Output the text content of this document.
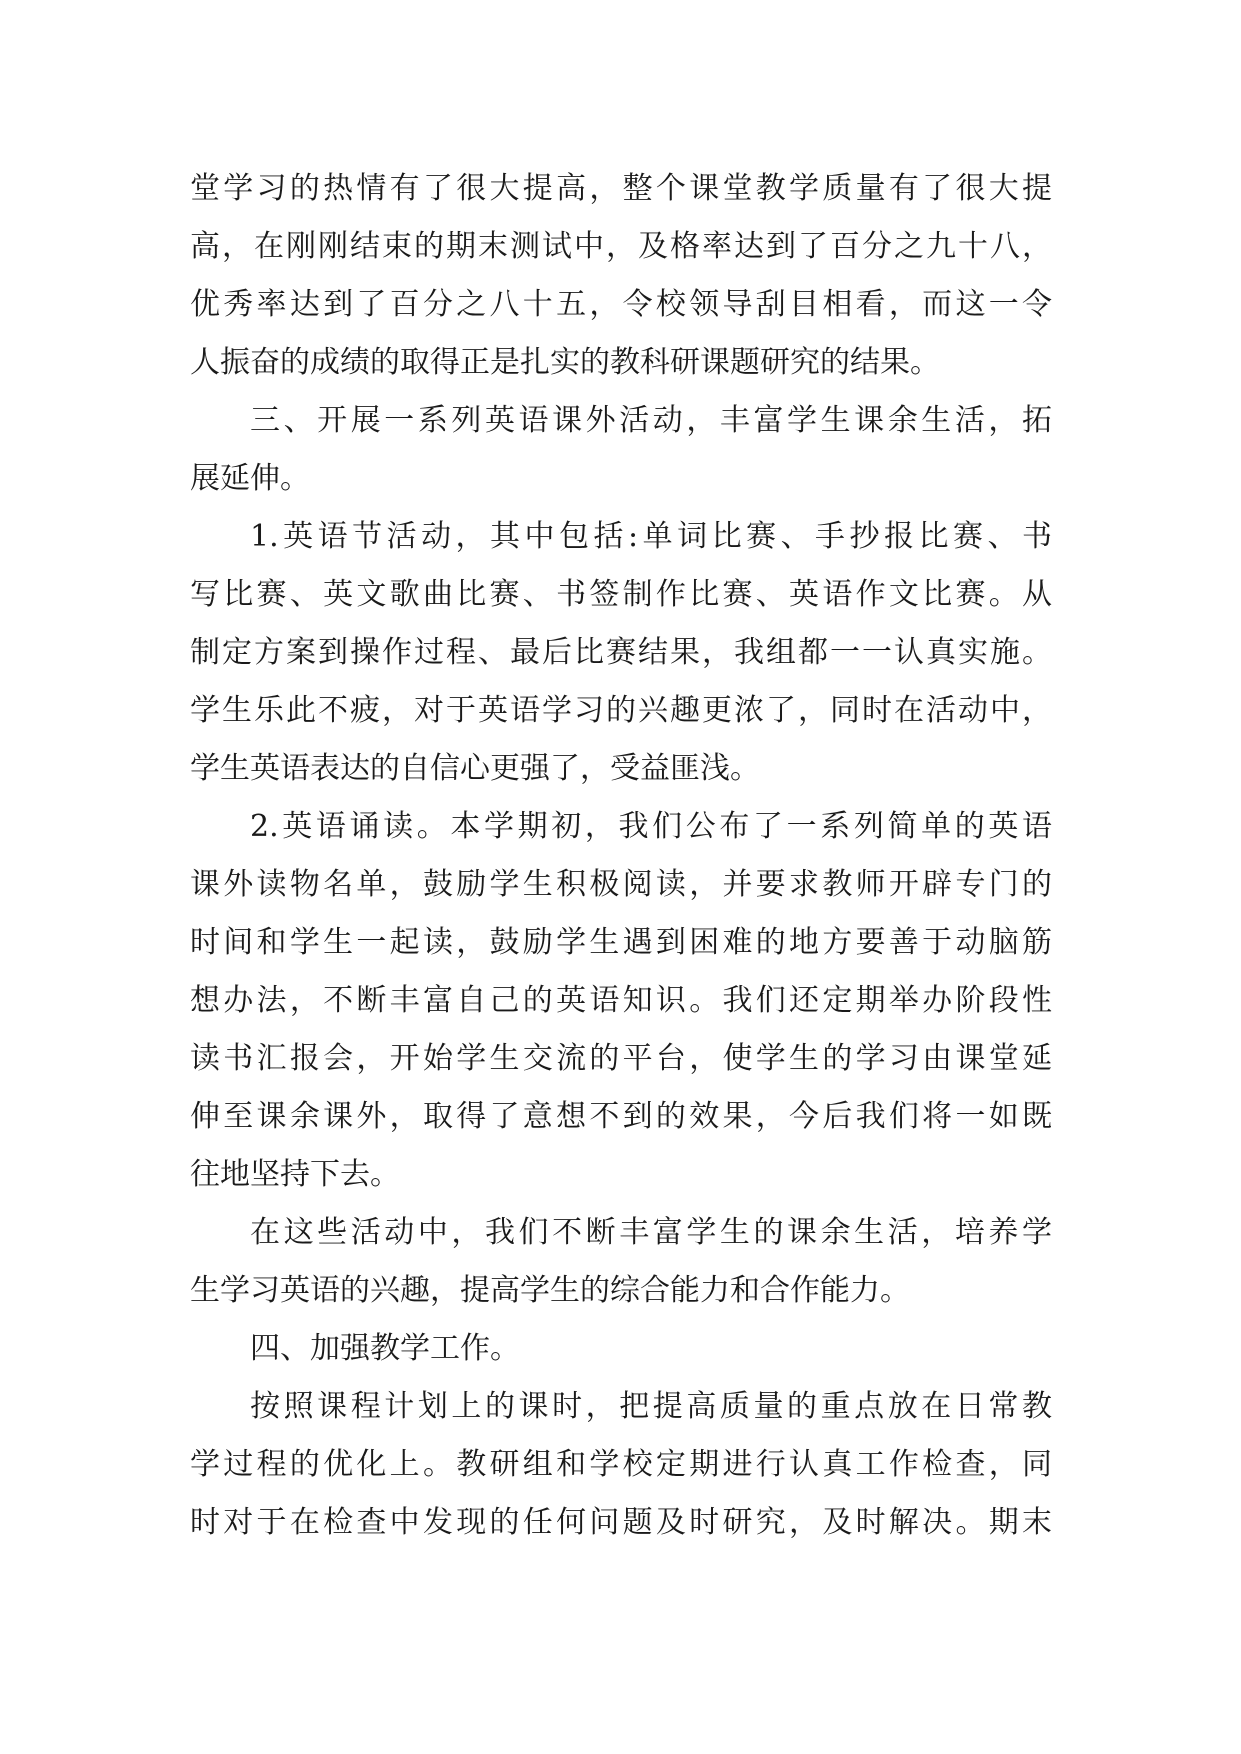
堂学习的热情有了很大提高，整个课堂教学质量有了很大提
高，在刚刚结束的期末测试中，及格率达到了百分之九十八，
优秀率达到了百分之八十五，令校领导刮目相看，而这一令
人振奋的成绩的取得正是扎实的教科研课题研究的结果。
三、开展一系列英语课外活动，丰富学生课余生活，拓
展延伸。
1.英语节活动，其中包括:单词比赛、手抄报比赛、书
写比赛、英文歌曲比赛、书签制作比赛、英语作文比赛。从
制定方案到操作过程、最后比赛结果，我组都一一认真实施。
学生乐此不疲，对于英语学习的兴趣更浓了，同时在活动中，
学生英语表达的自信心更强了，受益匪浅。
2.英语诵读。本学期初，我们公布了一系列简单的英语
课外读物名单，鼓励学生积极阅读，并要求教师开辟专门的
时间和学生一起读，鼓励学生遇到困难的地方要善于动脑筋
想办法，不断丰富自己的英语知识。我们还定期举办阶段性
读书汇报会，开始学生交流的平台，使学生的学习由课堂延
伸至课余课外，取得了意想不到的效果，今后我们将一如既
往地坚持下去。
在这些活动中，我们不断丰富学生的课余生活，培养学
生学习英语的兴趣，提高学生的综合能力和合作能力。
四、加强教学工作。
按照课程计划上的课时，把提高质量的重点放在日常教
学过程的优化上。教研组和学校定期进行认真工作检查，同
时对于在检查中发现的任何问题及时研究，及时解决。期末
